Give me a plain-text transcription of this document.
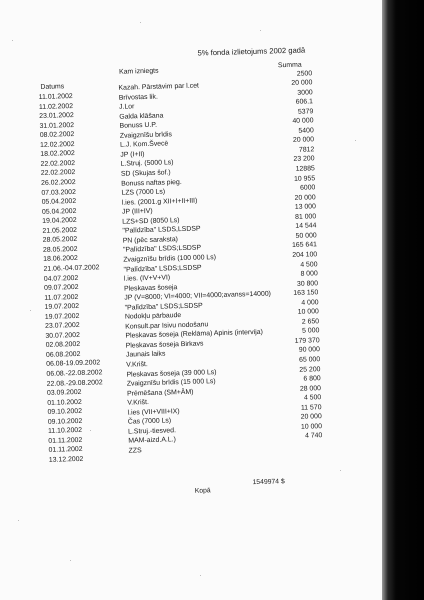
5% fonda izlietojums 2002 gadā
Kam izniegts
Summa
Datums
2500
Kazah. Pārstāvim par l.cet
Brīvostas lik.
J.Lor
Galda klāšana
Bonuss U.P.
Zvaigznīšu brīdis
L.J. Kom.Švecē
JP (I+II)
L.Struj. (5000 Ls)
SD (Skujas šof.)
Bonuss naftas pieg.
LZS (7000 Ls)
l.ies. (2001.g XII+I+II+III)
JP (III+IV)
LZS+SD (8050 Ls)
"Palīdzība" LSDS,LSDSP
PN (pēc saraksta)
"Palīdzība" LSDS;LSDSP
Zvaigznīšu brīdis (100 000 Ls)
"Palīdzība" LSDS;LSDSP
l.ies. (IV+V+VI)
Pleskavas šoseja
JP (V=8000; VI=4000; VII=4000;avanss=14000)
"Palīdzība" LSDS;LSDSP
Nodokļu pārbaude
Konsult.par Isivu nodošanu
Pleskavas šoseja (Reklāma) Apinis (intervija)
Pleskavas šoseja Birkavs
Jaunais laiks
V.Krišt.
Pleskavas šoseja (39 000 Ls)
Zvaigznīšu brīdis (15 000 Ls)
Prēmēšana (SM+ĀM)
V.Krišt.
l.ies (VII+VIII+IX)
Čas (7000 Ls)
L.Struj.-tiesved.
MAM-aizd.A.L.)
ZZS
11.01.2002
11.02.2002
23.01.2002
31.01.2002
08.02.2002
12.02.2002
18.02.2002
22.02.2002
22.02.2002
26.02.2002
07.03.2002
05.04.2002
05.04.2002
19.04.2002
21.05.2002
28.05.2002
28.05.2002
18.06.2002
21.06.-04.07.2002
04.07.2002
09.07.2002
11.07.2002
19.07.2002
19.07.2002
23.07.2002
30.07.2002
02.08.2002
06.08.2002
06.08-19.09.2002
06.08.-22.08.2002
22.08.-29.08.2002
03.09.2002
01.10.2002
09.10.2002
09.10.2002
11.10.2002
01.11.2002
01.11.2002
13.12.2002
20 000
3000
606.1
5379
40 000
5400
20 000
7812
23 200
12885
10 955
6000
20 000
13 000
81 000
14 544
50 000
165 641
204 100
4 500
8 000
30 800
163 150
4 000
10 000
2 650
5 000
179 370
90 000
65 000
25 200
6 800
28 000
4 500
11 570
20 000
10 000
4 740
1549974 $
Kopā
